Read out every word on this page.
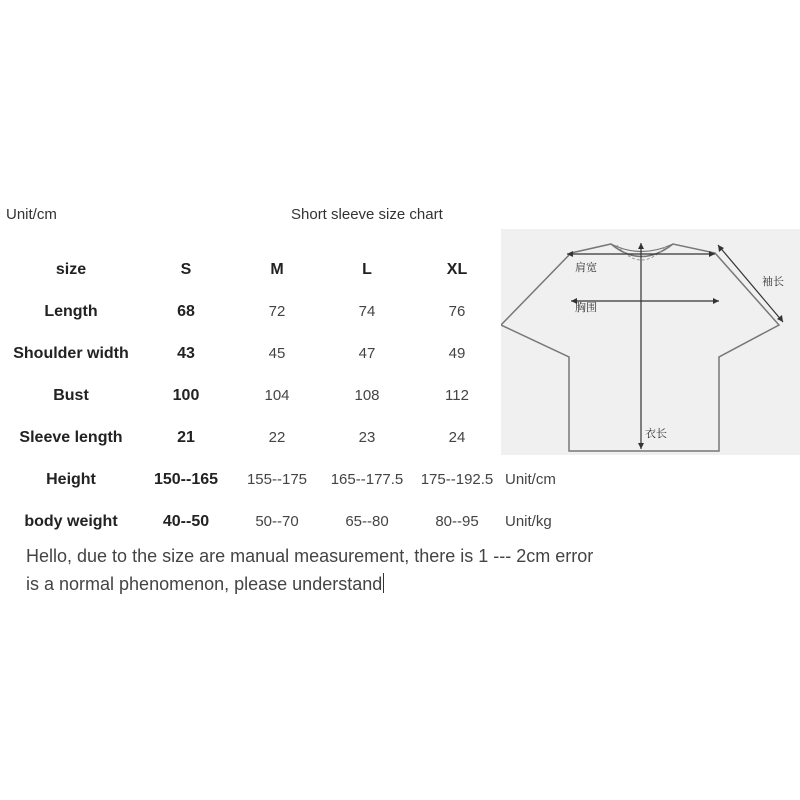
Unit/cm	Short sleeve size chart
size	S	M	L	XL
Length	68	72	74	76
Shoulder width	43	45	47	49
Bust	100	104	108	112
Sleeve length	21	22	23	24
Height	150--165	155--175	165--177.5	175--192.5 Unit/cm
body weight	40--50	50--70	65--80	80--95	Unit/kg
Hello, due to the size are manual measurement, there is 1 --- 2cm error
is a normal phenomenon, please understand
肩宽
胸围
袖长
衣长
